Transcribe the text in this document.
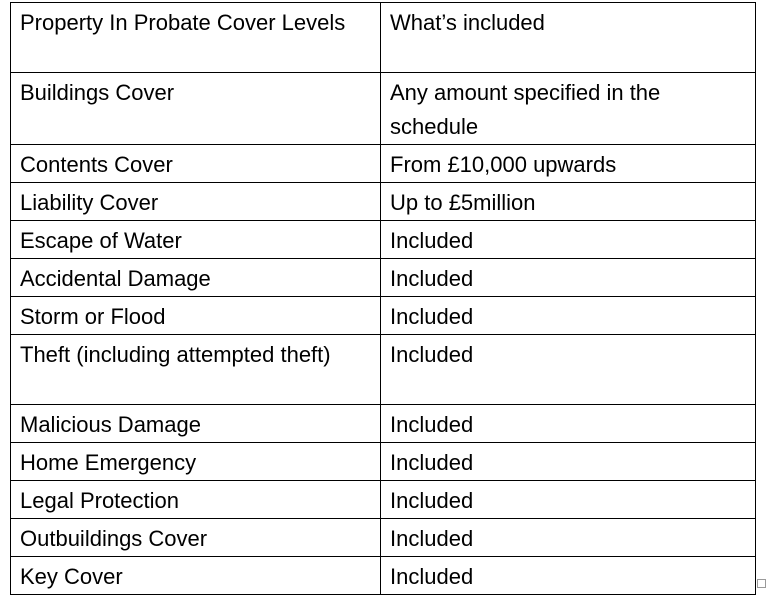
Property In Probate Cover Levels	What’s included
Buildings Cover	Any amount specified in the schedule
Contents Cover	From £10,000 upwards
Liability Cover	Up to £5million
Escape of Water	Included
Accidental Damage	Included
Storm or Flood	Included
Theft (including attempted theft)	Included
Malicious Damage	Included
Home Emergency	Included
Legal Protection	Included
Outbuildings Cover	Included
Key Cover	Included
